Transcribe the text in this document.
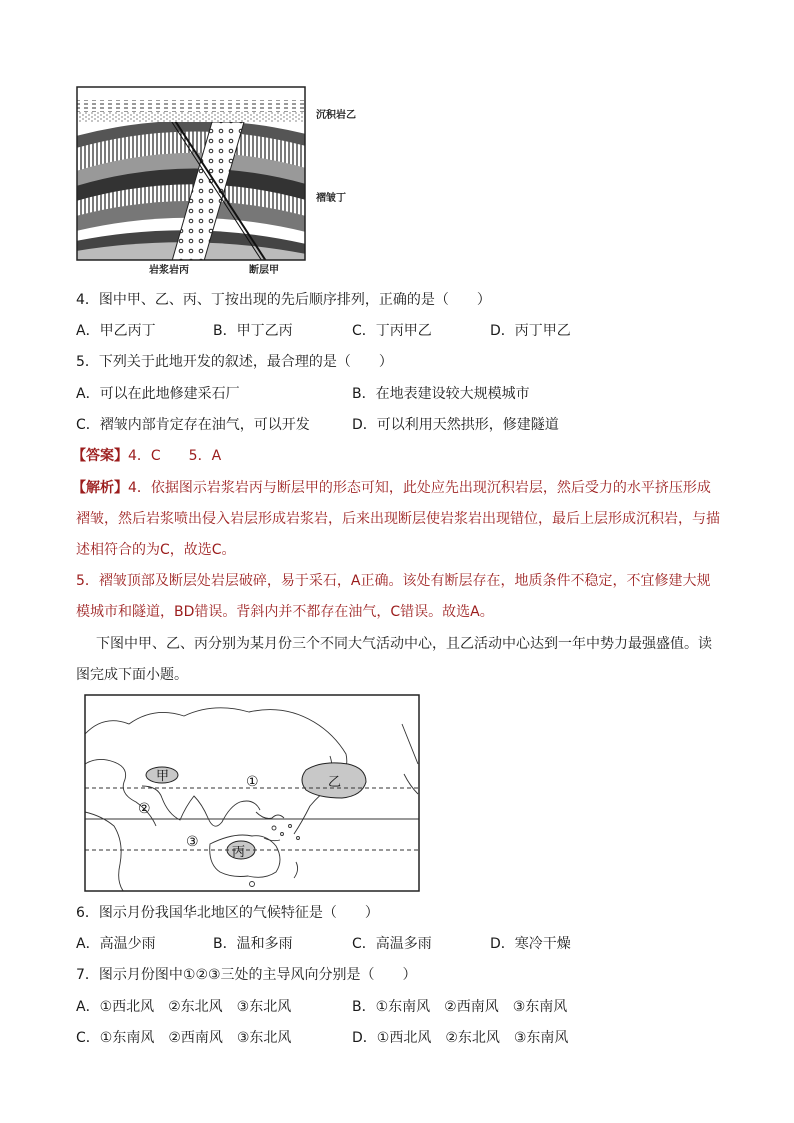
沉积岩乙
褶皱丁
岩浆岩丙	断层甲
4．图中甲、乙、丙、丁按出现的先后顺序排列，正确的是（　　）
A．甲乙丙丁	B．甲丁乙丙	C．丁丙甲乙	D．丙丁甲乙
5．下列关于此地开发的叙述，最合理的是（　　）
A．可以在此地修建采石厂	B．在地表建设较大规模城市
C．褶皱内部肯定存在油气，可以开发	D．可以利用天然拱形，修建隧道
【答案】4．C　　5．A
【解析】4．依据图示岩浆岩丙与断层甲的形态可知，此处应先出现沉积岩层，然后受力的水平挤压形成
褶皱，然后岩浆喷出侵入岩层形成岩浆岩，后来出现断层使岩浆岩出现错位，最后上层形成沉积岩，与描
述相符合的为C，故选C。
5．褶皱顶部及断层处岩层破碎，易于采石，A正确。该处有断层存在，地质条件不稳定，不宜修建大规
模城市和隧道，BD错误。背斜内并不都存在油气，C错误。故选A。
下图中甲、乙、丙分别为某月份三个不同大气活动中心，且乙活动中心达到一年中势力最强盛值。读
图完成下面小题。
甲	乙
丙
①
②
③
6．图示月份我国华北地区的气候特征是（　　）
A．高温少雨	B．温和多雨	C．高温多雨	D．寒冷干燥
7．图示月份图中①②③三处的主导风向分别是（　　）
A．①西北风　②东北风　③东北风	B．①东南风　②西南风　③东南风
C．①东南风　②西南风　③东北风	D．①西北风　②东北风　③东南风
